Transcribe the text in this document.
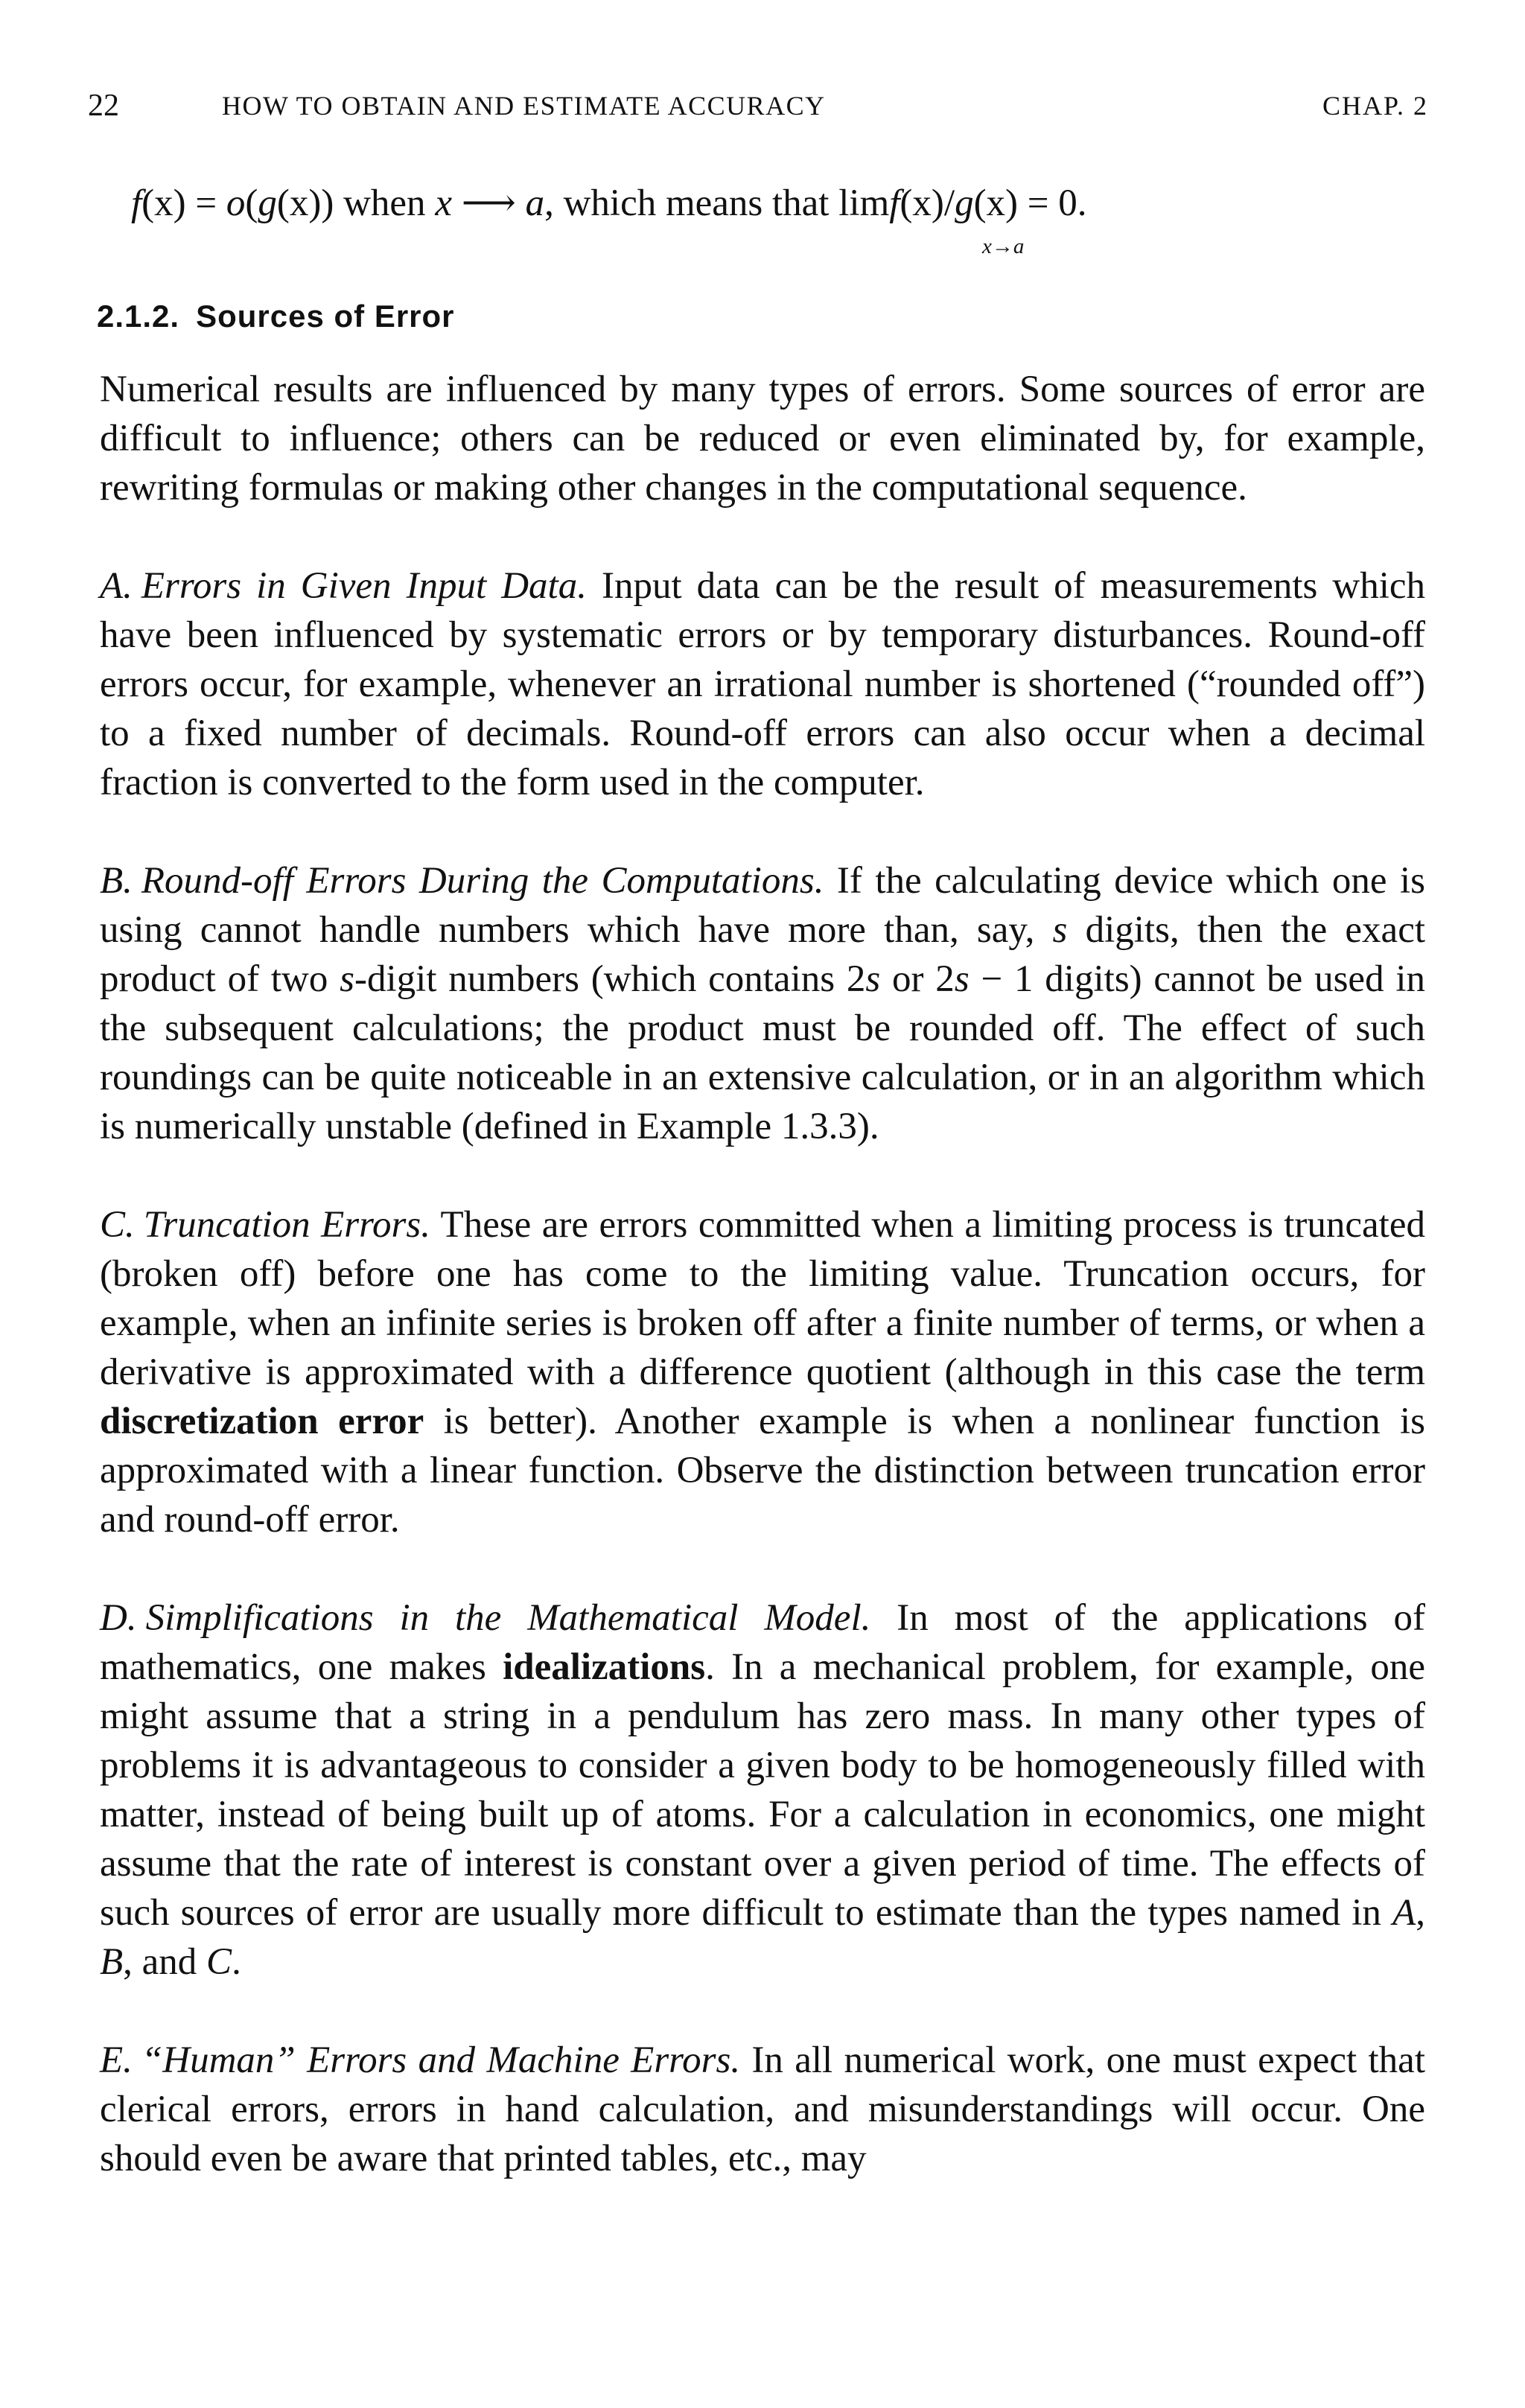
22	HOW TO OBTAIN AND ESTIMATE ACCURACY	CHAP. 2
f(x) = o(g(x)) when x ⟶ a, which means that limf(x)/g(x) = 0.
x→a
2.1.2. Sources of Error

Numerical results are influenced by many types of errors. Some sources of error are difficult to influence; others can be reduced or even eliminated by, for example, rewriting formulas or making other changes in the computational sequence.

A. Errors in Given Input Data. Input data can be the result of measurements which have been influenced by systematic errors or by temporary disturbances. Round-off errors occur, for example, whenever an irrational number is shortened (“rounded off”) to a fixed number of decimals. Round-off errors can also occur when a decimal fraction is converted to the form used in the computer.

B. Round-off Errors During the Computations. If the calculating device which one is using cannot handle numbers which have more than, say, s digits, then the exact product of two s-digit numbers (which contains 2s or 2s − 1 digits) cannot be used in the subsequent calculations; the product must be rounded off. The effect of such roundings can be quite noticeable in an extensive calculation, or in an algorithm which is numerically unstable (defined in Example 1.3.3).

C. Truncation Errors. These are errors committed when a limiting process is truncated (broken off) before one has come to the limiting value. Truncation occurs, for example, when an infinite series is broken off after a finite number of terms, or when a derivative is approximated with a difference quotient (although in this case the term discretization error is better). Another example is when a nonlinear function is approximated with a linear function. Observe the distinction between truncation error and round-off error.

D. Simplifications in the Mathematical Model. In most of the applications of mathematics, one makes idealizations. In a mechanical problem, for example, one might assume that a string in a pendulum has zero mass. In many other types of problems it is advantageous to consider a given body to be homogeneously filled with matter, instead of being built up of atoms. For a calculation in economics, one might assume that the rate of interest is constant over a given period of time. The effects of such sources of error are usually more difficult to estimate than the types named in A, B, and C.

E. “Human” Errors and Machine Errors. In all numerical work, one must expect that clerical errors, errors in hand calculation, and misunderstandings will occur. One should even be aware that printed tables, etc., may
